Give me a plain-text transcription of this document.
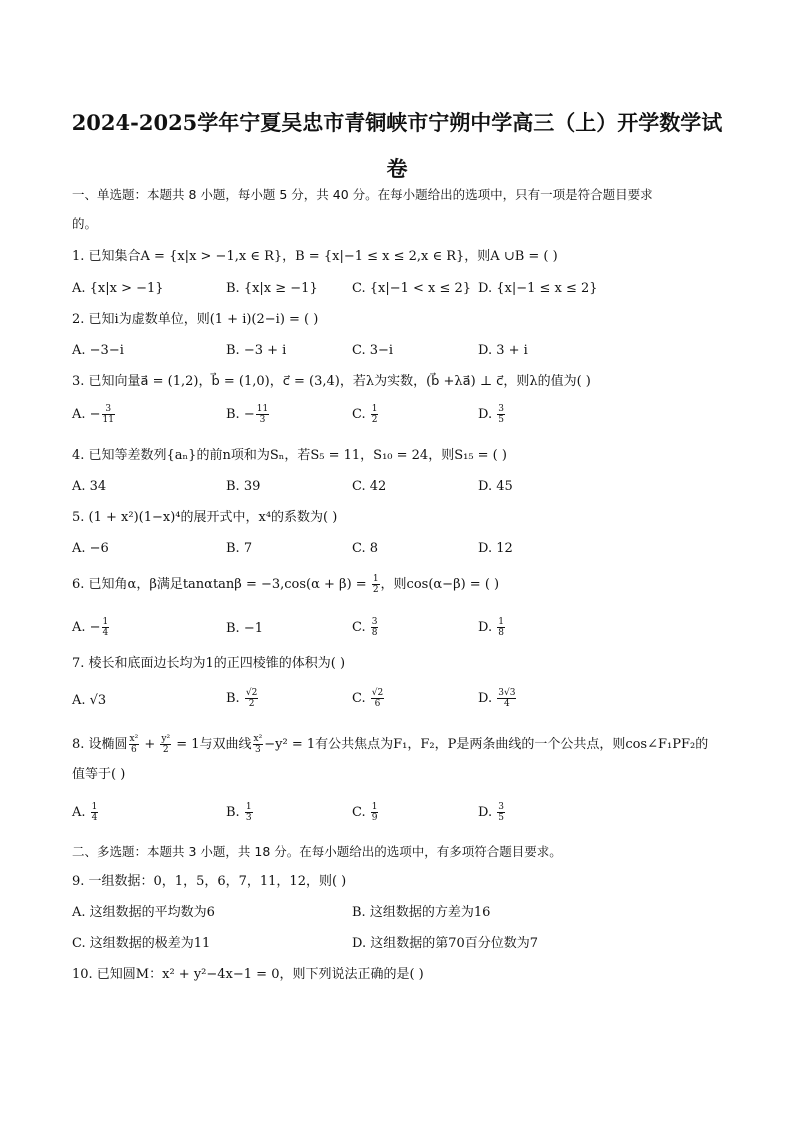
2024-2025学年宁夏吴忠市青铜峡市宁朔中学高三（上）开学数学试
卷
一、单选题：本题共 8 小题，每小题 5 分，共 40 分。在每小题给出的选项中，只有一项是符合题目要求
的。
1. 已知集合A = {x|x > −1,x ∈ R}，B = {x|−1 ≤ x ≤ 2,x ∈ R}，则A ∪B = ( )
A. {x|x > −1}	B. {x|x ≥ −1}	C. {x|−1 < x ≤ 2} D. {x|−1 ≤ x ≤ 2}
2. 已知i为虚数单位，则(1 + i)(2−i) = ( )
A. −3−i	B. −3 + i	C. 3−i	D. 3 + i
3. 已知向量a⃗ = (1,2)，b⃗ = (1,0)，c⃗ = (3,4)，若λ为实数，(b⃗ +λa⃗) ⊥ c⃗，则λ的值为( )
A. − $\frac{3}{11}$	B. − $\frac{11}{3}$	C. $\frac{1}{2}$	D. $\frac{3}{5}$
4. 已知等差数列{aₙ}的前n项和为Sₙ，若S₅ = 11，S₁₀ = 24，则S₁₅ = ( )
A. 34	B. 39	C. 42	D. 45
5. (1 + x²)(1−x)⁴的展开式中，x⁴的系数为( )
A. −6	B. 7	C. 8	D. 12
6. 已知角α，β满足$\tan\alpha\tan\beta = -3,\cos(\alpha + \beta) = \frac{1}{2}$ ，则cos(α−β) = ( )
A. − $\frac{1}{4}$	B. −1	C. $\frac{3}{8}$	D. $\frac{1}{8}$
7. 棱长和底面边长均为1的正四棱锥的体积为( )
A. √3	B. $\frac{√2}{2}$	C. $\frac{√2}{6}$	D. $\frac{3√3}{4}$
8. 设椭圆 $\frac{\text{x²}}{6} + \frac{\text{y²}}{2} = 1$与双曲线 $\frac{\text{x²}}{3} -y^2 = 1$有公共焦点为F₁，F₂，P是两条曲线的一个公共点，则cos∠F₁PF₂的
值等于( )
A. $\frac{1}{4}$	B. $\frac{1}{3}$	C. $\frac{1}{9}$	D. $\frac{3}{5}$
二、多选题：本题共 3 小题，共 18 分。在每小题给出的选项中，有多项符合题目要求。
9. 一组数据：0，1，5，6，7，11，12，则( )
A. 这组数据的平均数为6	B. 这组数据的方差为16
C. 这组数据的极差为11	D. 这组数据的第70百分位数为7
10. 已知圆M：x² + y²−4x−1 = 0，则下列说法正确的是( )
